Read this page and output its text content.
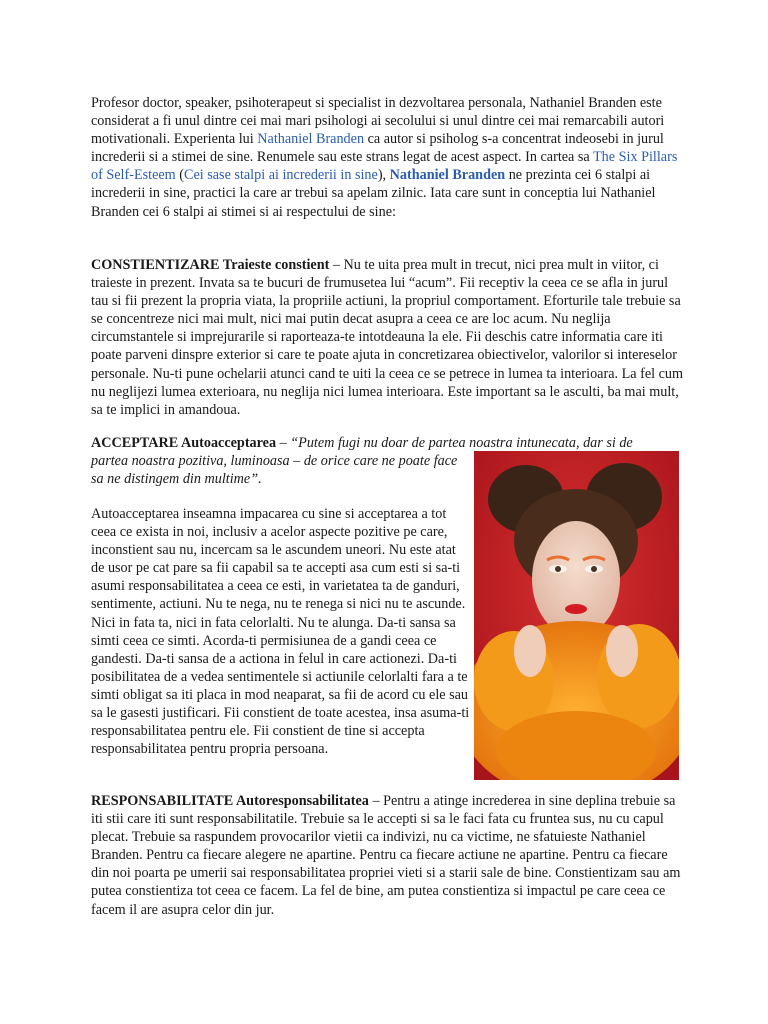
Profesor doctor, speaker, psihoterapeut si specialist in dezvoltarea personala, Nathaniel Branden este considerat a fi unul dintre cei mai mari psihologi ai secolului si unul dintre cei mai remarcabili autori motivationali. Experienta lui Nathaniel Branden ca autor si psiholog s-a concentrat indeosebi in jurul increderii si a stimei de sine. Renumele sau este strans legat de acest aspect. In cartea sa The Six Pillars of Self-Esteem (Cei sase stalpi ai increderii in sine), Nathaniel Branden ne prezinta cei 6 stalpi ai increderii in sine, practici la care ar trebui sa apelam zilnic. Iata care sunt in conceptia lui Nathaniel Branden cei 6 stalpi ai stimei si ai respectului de sine:

CONSTIENTIZARE Traieste constient – Nu te uita prea mult in trecut, nici prea mult in viitor, ci traieste in prezent. Invata sa te bucuri de frumusetea lui “acum”. Fii receptiv la ceea ce se afla in jurul tau si fii prezent la propria viata, la propriile actiuni, la propriul comportament. Eforturile tale trebuie sa se concentreze nici mai mult, nici mai putin decat asupra a ceea ce are loc acum. Nu neglija circumstantele si imprejurarile si raporteaza-te intotdeauna la ele. Fii deschis catre informatia care iti poate parveni dinspre exterior si care te poate ajuta in concretizarea obiectivelor, valorilor si intereselor personale. Nu-ti pune ochelarii atunci cand te uiti la ceea ce se petrece in lumea ta interioara. La fel cum nu neglijezi lumea exterioara, nu neglija nici lumea interioara. Este important sa le asculti, ba mai mult, sa te implici in amandoua.

ACCEPTARE Autoacceptarea – “Putem fugi nu doar de partea noastra intunecata, dar si de

partea noastra pozitiva, luminoasa – de orice care ne poate face sa ne distingem din multime”.

Autoacceptarea inseamna impacarea cu sine si acceptarea a tot ceea ce exista in noi, inclusiv a acelor aspecte pozitive pe care, inconstient sau nu, incercam sa le ascundem uneori. Nu este atat de usor pe cat pare sa fii capabil sa te accepti asa cum esti si sa-ti asumi responsabilitatea a ceea ce esti, in varietatea ta de ganduri, sentimente, actiuni. Nu te nega, nu te renega si nici nu te ascunde. Nici in fata ta, nici in fata celorlalti. Nu te alunga. Da-ti sansa sa simti ceea ce simti. Acorda-ti permisiunea de a gandi ceea ce gandesti. Da-ti sansa de a actiona in felul in care actionezi. Da-ti posibilitatea de a vedea sentimentele si actiunile celorlalti fara a te simti obligat sa iti placa in mod neaparat, sa fii de acord cu ele sau sa le gasesti justificari. Fii constient de toate acestea, insa asuma-ti responsabilitatea pentru ele. Fii constient de tine si accepta responsabilitatea pentru propria persoana.

RESPONSABILITATE Autoresponsabilitatea – Pentru a atinge increderea in sine deplina trebuie sa iti stii care iti sunt responsabilitatile. Trebuie sa le accepti si sa le faci fata cu fruntea sus, nu cu capul plecat. Trebuie sa raspundem provocarilor vietii ca indivizi, nu ca victime, ne sfatuieste Nathaniel Branden. Pentru ca fiecare alegere ne apartine. Pentru ca fiecare actiune ne apartine. Pentru ca fiecare din noi poarta pe umerii sai responsabilitatea propriei vieti si a starii sale de bine. Constientizam sau am putea constientiza tot ceea ce facem. La fel de bine, am putea constientiza si impactul pe care ceea ce facem il are asupra celor din jur.
